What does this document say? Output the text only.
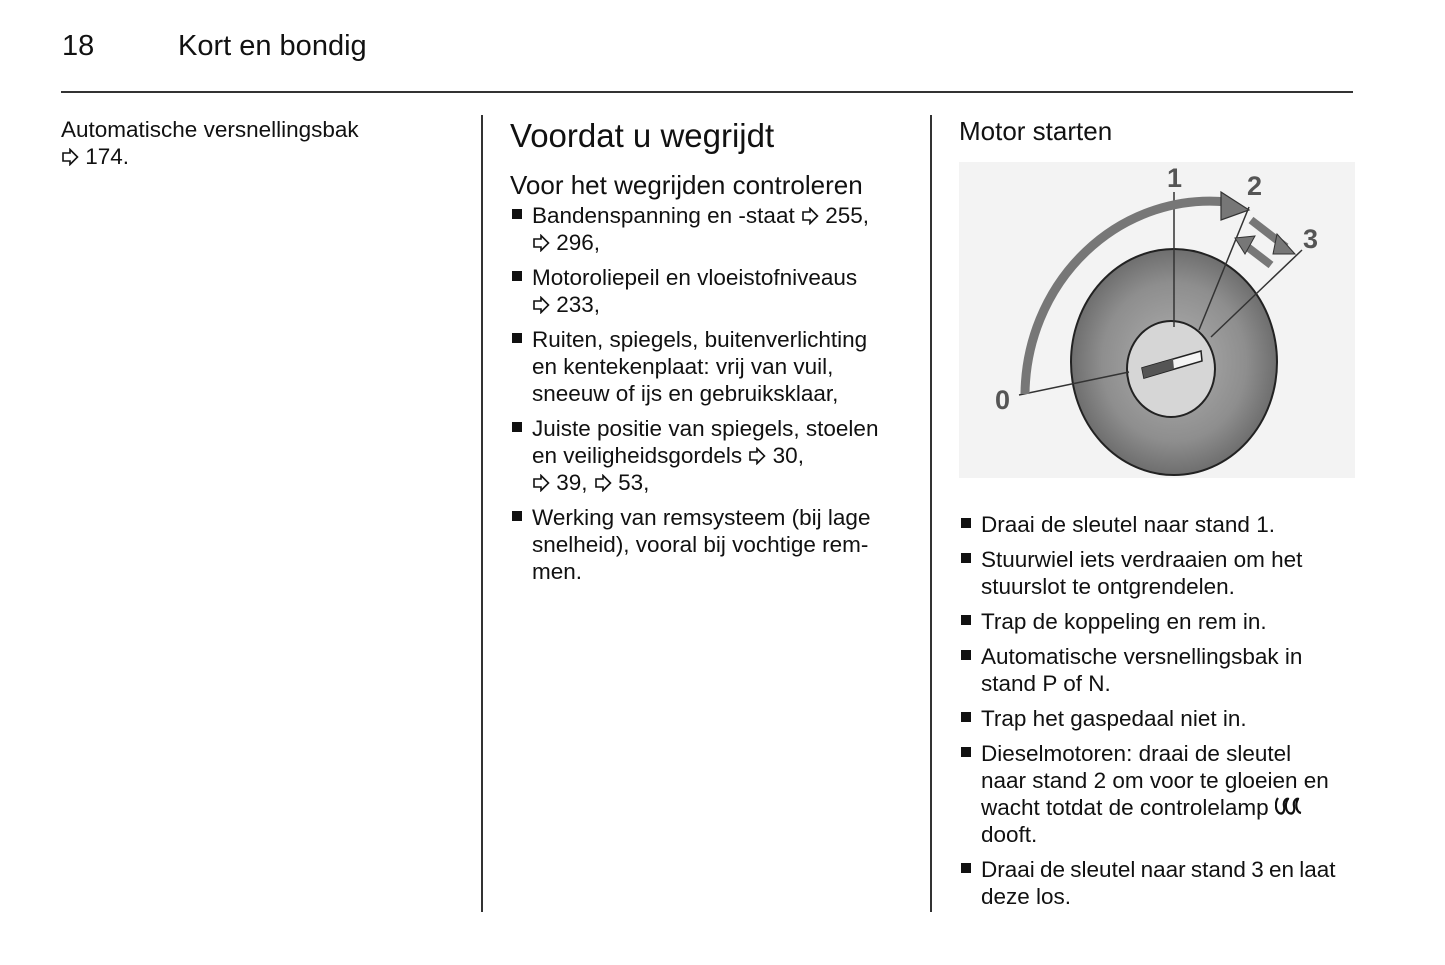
18	Kort en bondig
Automatische versnellingsbak
174.
Voordat u wegrijdt
Voor het wegrijden controleren
Bandenspanning en -staat 255,
296,
Motoroliepeil en vloeistofniveaus
233,
Ruiten, spiegels, buitenverlichting
en kentekenplaat: vrij van vuil,
sneeuw of ijs en gebruiksklaar,
Juiste positie van spiegels, stoelen
en veiligheidsgordels 30,
39, 53,
Werking van remsysteem (bij lage
snelheid), vooral bij vochtige rem-
men.
Motor starten
0
1 2
3
Draai de sleutel naar stand 1.
Stuurwiel iets verdraaien om het
stuurslot te ontgrendelen.
Trap de koppeling en rem in.
Automatische versnellingsbak in
stand P of N.
Trap het gaspedaal niet in.
Dieselmotoren: draai de sleutel
naar stand 2 om voor te gloeien en
wacht totdat de controlelamp
dooft.
Draai de sleutel naar stand 3 en laat
deze los.
